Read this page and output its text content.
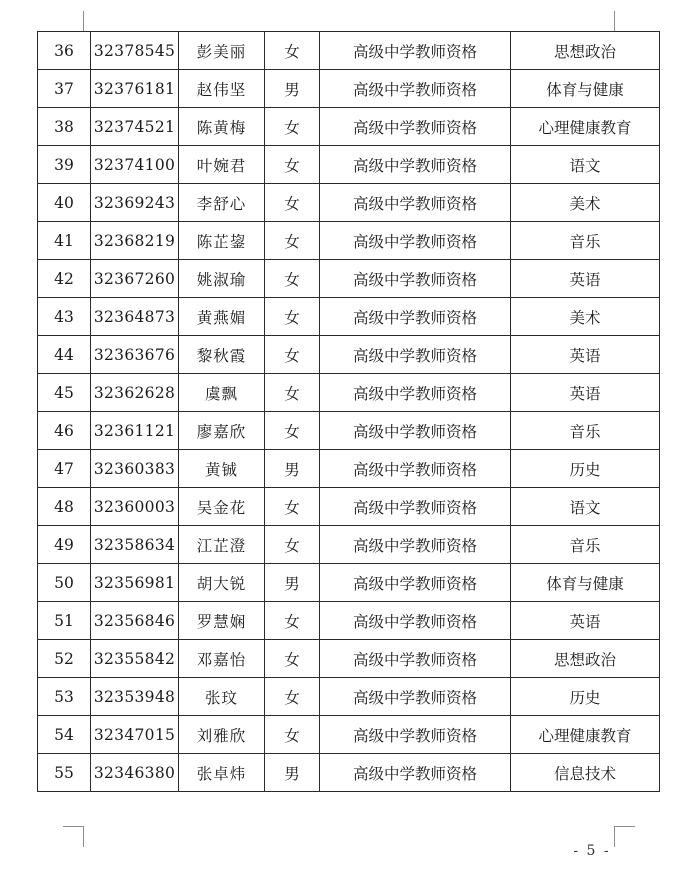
36	32378545	彭美丽	女	高级中学教师资格	思想政治
37	32376181	赵伟坚	男	高级中学教师资格	体育与健康
38	32374521	陈黄梅	女	高级中学教师资格	心理健康教育
39	32374100	叶婉君	女	高级中学教师资格	语文
40	32369243	李舒心	女	高级中学教师资格	美术
41	32368219	陈芷鋆	女	高级中学教师资格	音乐
42	32367260	姚淑瑜	女	高级中学教师资格	英语
43	32364873	黄燕媚	女	高级中学教师资格	美术
44	32363676	黎秋霞	女	高级中学教师资格	英语
45	32362628	虞飘	女	高级中学教师资格	英语
46	32361121	廖嘉欣	女	高级中学教师资格	音乐
47	32360383	黄铖	男	高级中学教师资格	历史
48	32360003	吴金花	女	高级中学教师资格	语文
49	32358634	江芷澄	女	高级中学教师资格	音乐
50	32356981	胡大锐	男	高级中学教师资格	体育与健康
51	32356846	罗慧娴	女	高级中学教师资格	英语
52	32355842	邓嘉怡	女	高级中学教师资格	思想政治
53	32353948	张玟	女	高级中学教师资格	历史
54	32347015	刘雅欣	女	高级中学教师资格	心理健康教育
55	32346380	张卓炜	男	高级中学教师资格	信息技术
- 5 -
